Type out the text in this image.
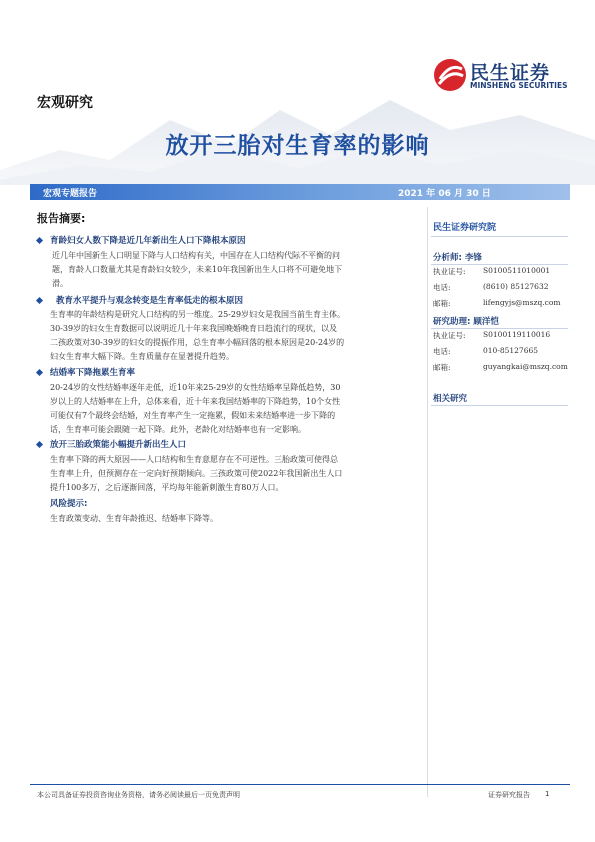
宏观研究
民生证券
MINSHENG SECURITIES
放开三胎对生育率的影响
宏观专题报告	2021 年 06 月 30 日
报告摘要:
育龄妇女人数下降是近几年新出生人口下降根本原因
近几年中国新生人口明显下降与人口结构有关，中国存在人口结构代际不平衡的问
题，育龄人口数量尤其是育龄妇女较少，未来10年我国新出生人口将不可避免地下
滑。
教育水平提升与观念转变是生育率低走的根本原因
生育率的年龄结构是研究人口结构的另一维度。25-29岁妇女是我国当前生育主体。
30-39岁的妇女生育数据可以说明近几十年来我国晚婚晚育日趋流行的现状，以及
二孩政策对30-39岁的妇女的提振作用，总生育率小幅回落的根本原因是20-24岁的
妇女生育率大幅下降。生育质量存在显著提升趋势。
结婚率下降拖累生育率
20-24岁的女性结婚率逐年走低，近10年来25-29岁的女性结婚率呈降低趋势，30
岁以上的人结婚率在上升，总体来看，近十年来我国结婚率的下降趋势，10个女性
可能仅有7个最终会结婚，对生育率产生一定拖累，假如未来结婚率进一步下降的
话，生育率可能会跟随一起下降。此外，老龄化对结婚率也有一定影响。
放开三胎政策能小幅提升新出生人口
生育率下降的两大原因——人口结构和生育意愿存在不可逆性。三胎政策可使得总
生育率上升，但预测存在一定向好预期倾向。三孩政策可使2022年我国新出生人口
提升100多万，之后逐渐回落，平均每年能新刺激生育80万人口。
风险提示:
生育政策变动、生育年龄推迟、结婚率下降等。
民生证券研究院
分析师: 李锋
执业证号: S0100511010001
电话:	(8610) 85127632
邮箱:	lifengyjs@mszq.com
研究助理: 顾洋恺
执业证号: S0100119110016
电话:	010-85127665
邮箱:	guyangkai@mszq.com
相关研究
本公司具备证券投资咨询业务资格，请务必阅读最后一页免责声明	证券研究报告 1
